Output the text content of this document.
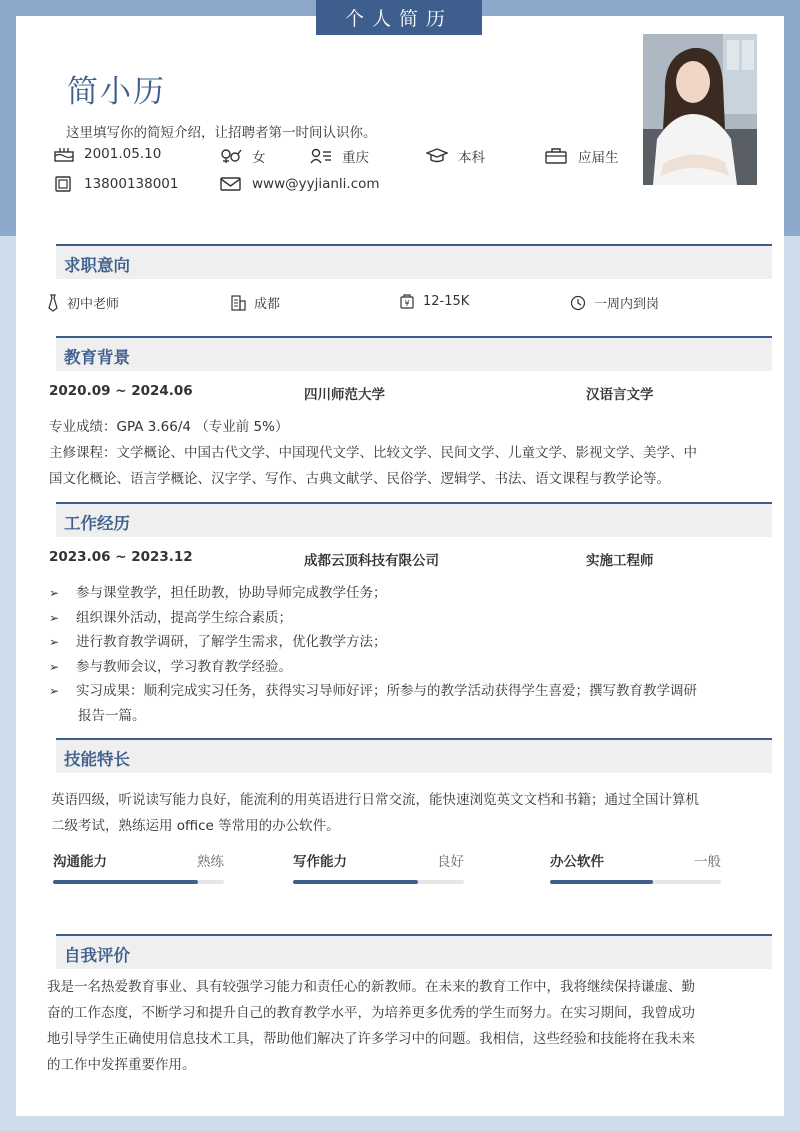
个人简历
简小历
这里填写你的简短介绍，让招聘者第一时间认识你。
2001.05.10	女	重庆	本科	应届生
13800138001	www@yyjianli.com
求职意向
初中老师	成都	¥ 12-15K	一周内到岗
教育背景
2020.09 ~ 2024.06	四川师范大学	汉语言文学
专业成绩：GPA 3.66/4 （专业前 5%）
主修课程：文学概论、中国古代文学、中国现代文学、比较文学、民间文学、儿童文学、影视文学、美学、中
国文化概论、语言学概论、汉字学、写作、古典文献学、民俗学、逻辑学、书法、语文课程与教学论等。
工作经历
2023.06 ~ 2023.12	成都云顶科技有限公司	实施工程师
➢ 参与课堂教学，担任助教，协助导师完成教学任务；
➢ 组织课外活动，提高学生综合素质；
➢ 进行教育教学调研，了解学生需求，优化教学方法；
➢ 参与教师会议，学习教育教学经验。
➢ 实习成果：顺利完成实习任务，获得实习导师好评；所参与的教学活动获得学生喜爱；撰写教育教学调研
报告一篇。
技能特长
英语四级，听说读写能力良好，能流利的用英语进行日常交流，能快速浏览英文文档和书籍；通过全国计算机
二级考试，熟练运用 office 等常用的办公软件。
沟通能力	熟练	写作能力	良好	办公软件	一般
自我评价
我是一名热爱教育事业、具有较强学习能力和责任心的新教师。在未来的教育工作中，我将继续保持谦虚、勤
奋的工作态度，不断学习和提升自己的教育教学水平，为培养更多优秀的学生而努力。在实习期间，我曾成功
地引导学生正确使用信息技术工具，帮助他们解决了许多学习中的问题。我相信，这些经验和技能将在我未来
的工作中发挥重要作用。
